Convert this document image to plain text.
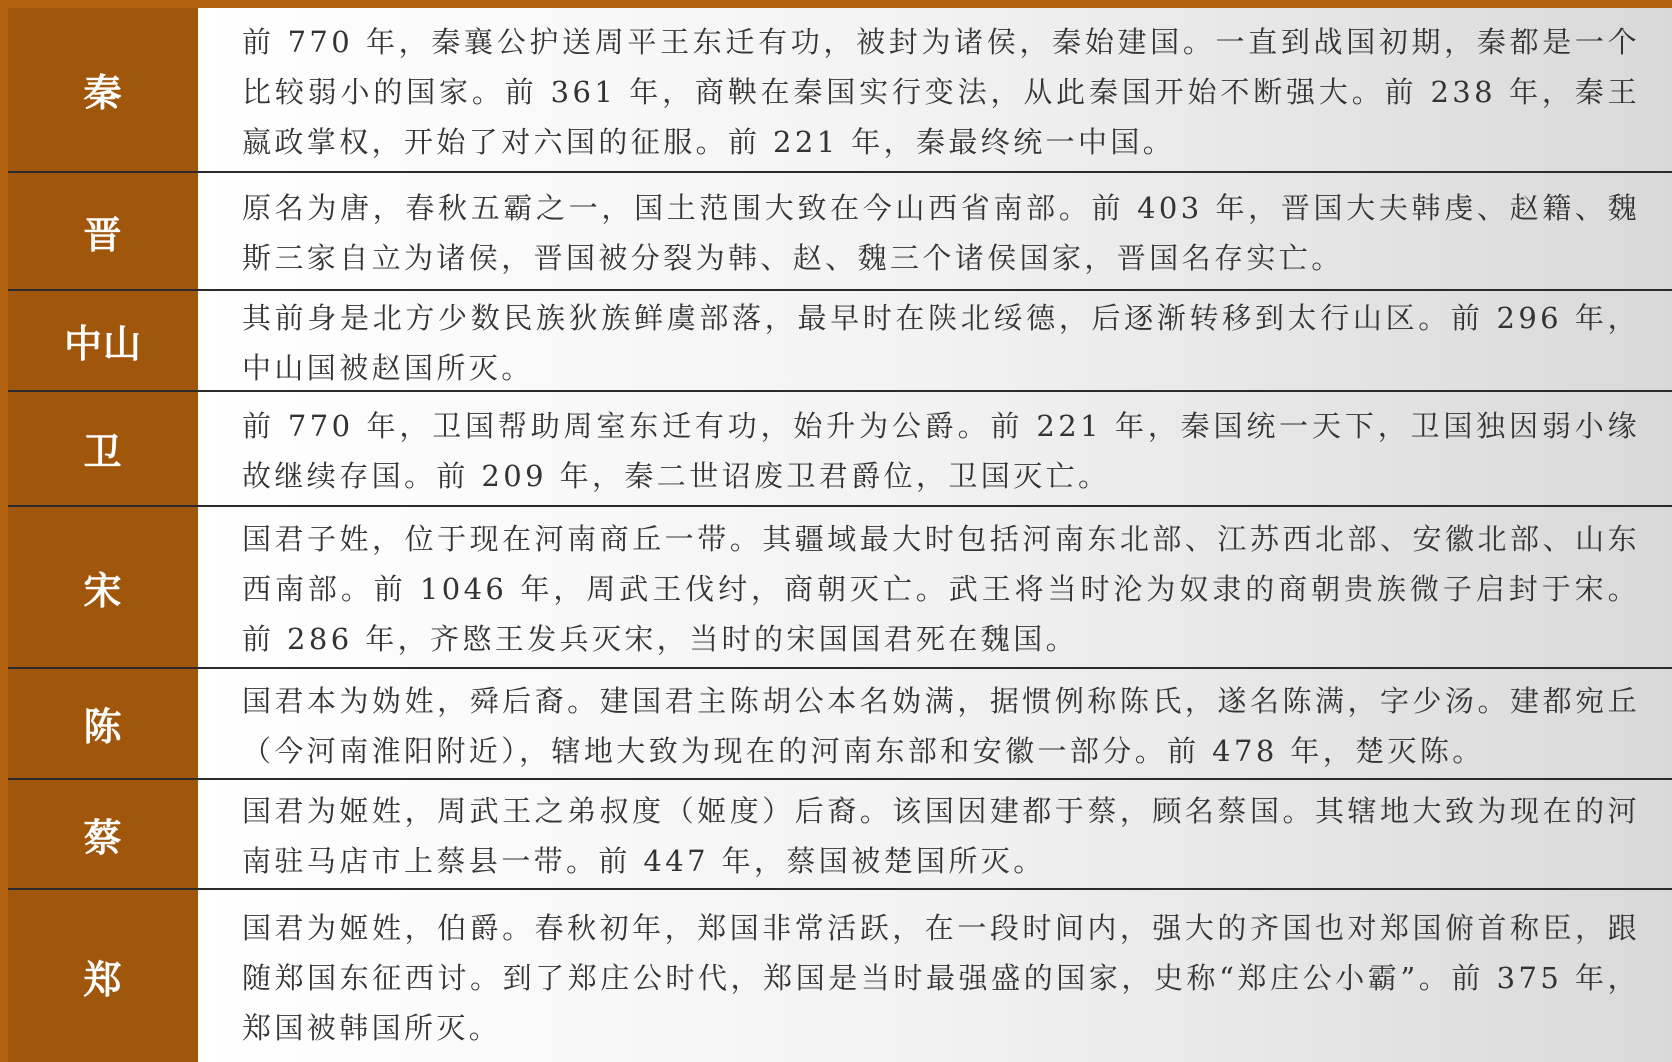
秦
前 770 年，秦襄公护送周平王东迁有功，被封为诸侯，秦始建国。一直到战国初期，秦都是一个比较弱小的国家。前 361 年，商鞅在秦国实行变法，从此秦国开始不断强大。前 238 年，秦王嬴政掌权，开始了对六国的征服。前 221 年，秦最终统一中国。
晋
原名为唐，春秋五霸之一，国土范围大致在今山西省南部。前 403 年，晋国大夫韩虔、赵籍、魏斯三家自立为诸侯，晋国被分裂为韩、赵、魏三个诸侯国家，晋国名存实亡。
中山
其前身是北方少数民族狄族鲜虞部落，最早时在陕北绥德，后逐渐转移到太行山区。前 296 年，中山国被赵国所灭。
卫
前 770 年，卫国帮助周室东迁有功，始升为公爵。前 221 年，秦国统一天下，卫国独因弱小缘故继续存国。前 209 年，秦二世诏废卫君爵位，卫国灭亡。
宋
国君子姓，位于现在河南商丘一带。其疆域最大时包括河南东北部、江苏西北部、安徽北部、山东西南部。前 1046 年，周武王伐纣，商朝灭亡。武王将当时沦为奴隶的商朝贵族微子启封于宋。前 286 年，齐愍王发兵灭宋，当时的宋国国君死在魏国。
陈
国君本为妫姓，舜后裔。建国君主陈胡公本名妫满，据惯例称陈氏，遂名陈满，字少汤。建都宛丘（今河南淮阳附近），辖地大致为现在的河南东部和安徽一部分。前 478 年，楚灭陈。
蔡
国君为姬姓，周武王之弟叔度（姬度）后裔。该国因建都于蔡，顾名蔡国。其辖地大致为现在的河南驻马店市上蔡县一带。前 447 年，蔡国被楚国所灭。
郑
国君为姬姓，伯爵。春秋初年，郑国非常活跃，在一段时间内，强大的齐国也对郑国俯首称臣，跟随郑国东征西讨。到了郑庄公时代，郑国是当时最强盛的国家，史称“郑庄公小霸”。前 375 年，郑国被韩国所灭。
